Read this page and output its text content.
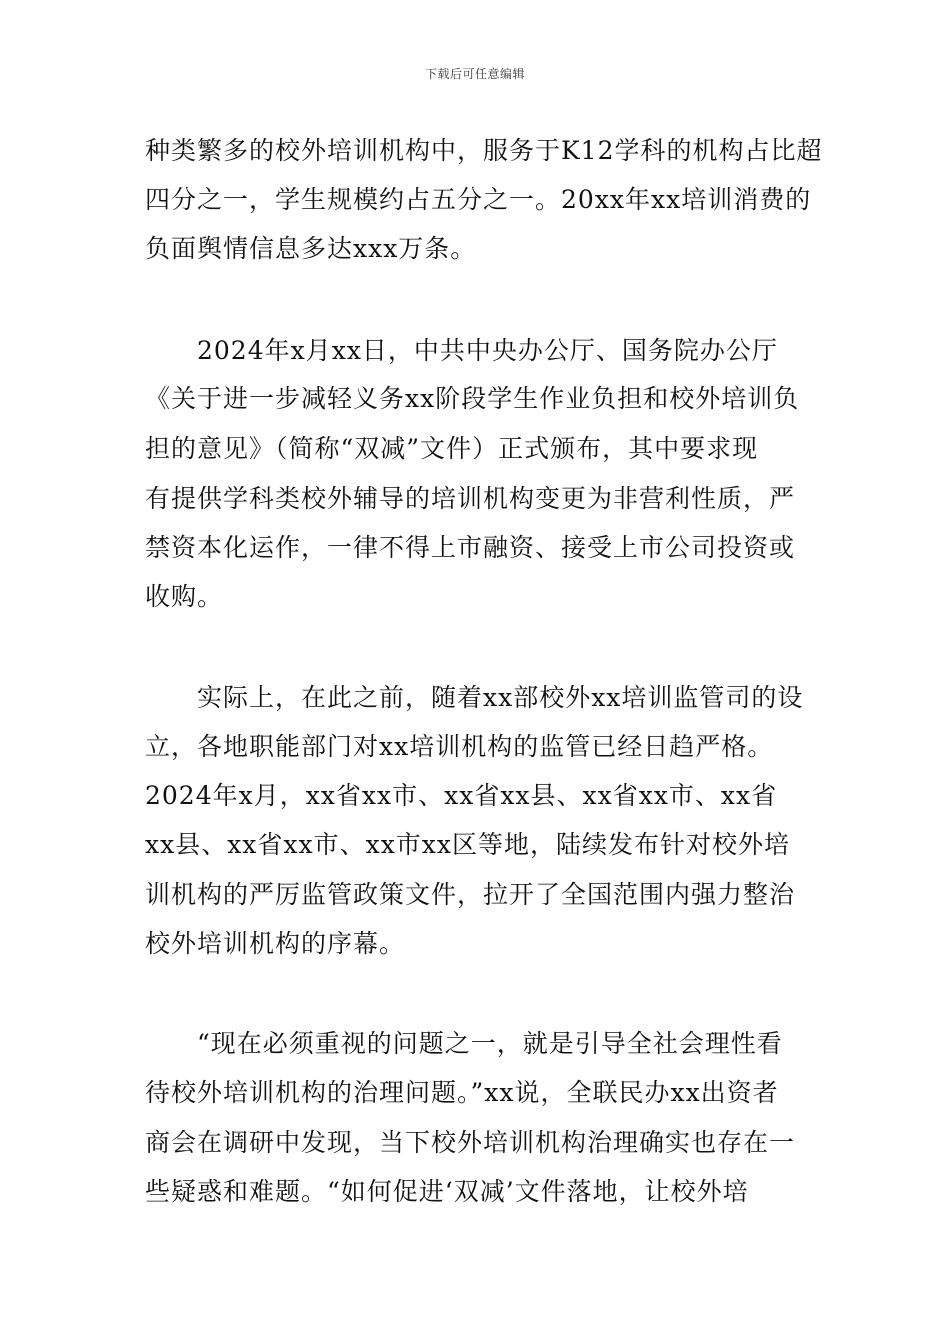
下载后可任意编辑
种类繁多的校外培训机构中，服务于K12学科的机构占比超
四分之一，学生规模约占五分之一。20xx年xx培训消费的
负面舆情信息多达xxx万条。
2024年x月xx日，中共中央办公厅、国务院办公厅
《关于进一步减轻义务xx阶段学生作业负担和校外培训负
担的意见》（简称“双减”文件）正式颁布，其中要求现
有提供学科类校外辅导的培训机构变更为非营利性质，严
禁资本化运作，一律不得上市融资、接受上市公司投资或
收购。
实际上，在此之前，随着xx部校外xx培训监管司的设
立，各地职能部门对xx培训机构的监管已经日趋严格。
2024年x月，xx省xx市、xx省xx县、xx省xx市、xx省
xx县、xx省xx市、xx市xx区等地，陆续发布针对校外培
训机构的严厉监管政策文件，拉开了全国范围内强力整治
校外培训机构的序幕。
“现在必须重视的问题之一，就是引导全社会理性看
待校外培训机构的治理问题。”xx说，全联民办xx出资者
商会在调研中发现，当下校外培训机构治理确实也存在一
些疑惑和难题。“如何促进‘双减’文件落地，让校外培
